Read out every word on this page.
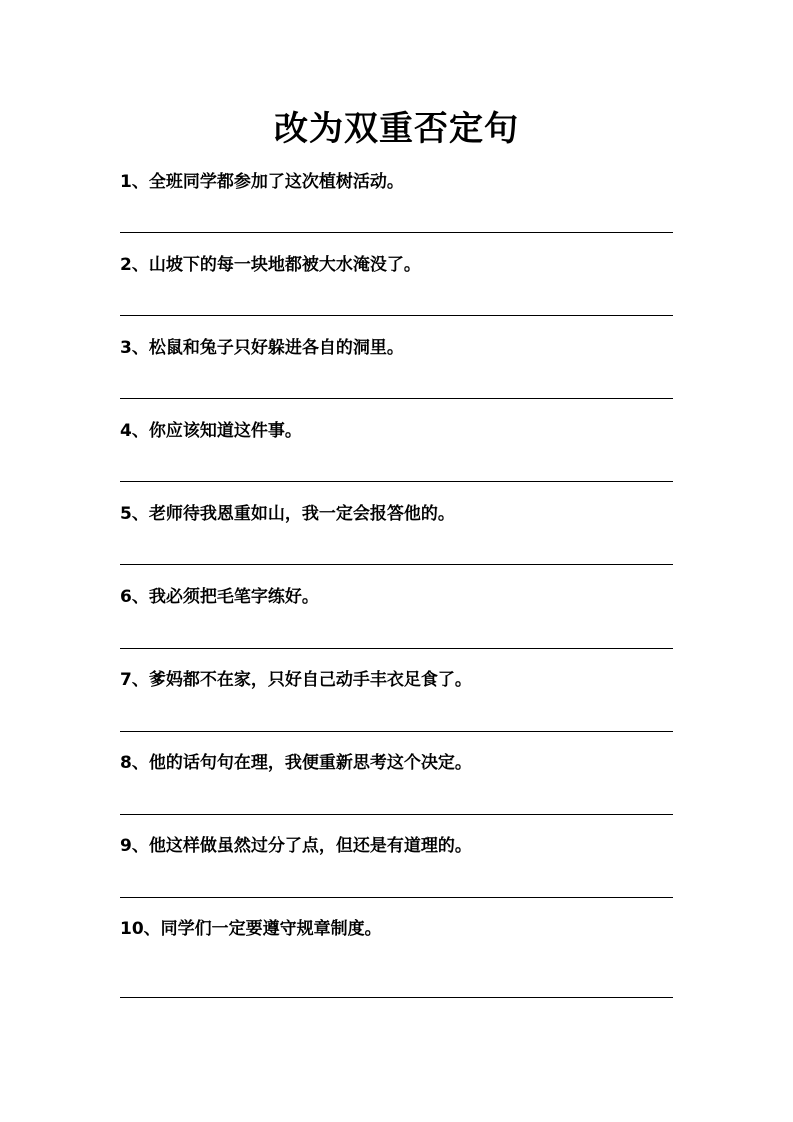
改为双重否定句
1、全班同学都参加了这次植树活动。
2、山坡下的每一块地都被大水淹没了。
3、松鼠和兔子只好躲进各自的洞里。
4、你应该知道这件事。
5、老师待我恩重如山，我一定会报答他的。
6、我必须把毛笔字练好。
7、爹妈都不在家，只好自己动手丰衣足食了。
8、他的话句句在理，我便重新思考这个决定。
9、他这样做虽然过分了点，但还是有道理的。
10、同学们一定要遵守规章制度。
